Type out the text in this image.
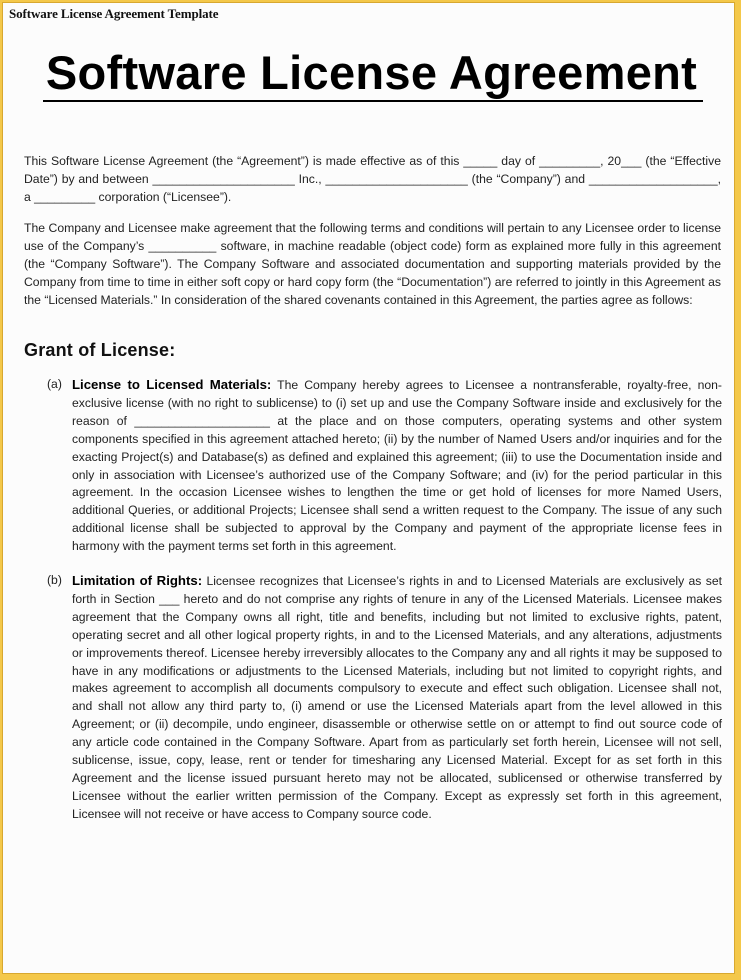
Software License Agreement Template
Software License Agreement
This Software License Agreement (the “Agreement”) is made effective as of this _____ day of _________, 20___ (the “Effective Date”) by and between _____________________ Inc., _____________________ (the “Company”) and ___________________, a _________ corporation (“Licensee”).
The Company and Licensee make agreement that the following terms and conditions will pertain to any Licensee order to license use of the Company’s __________ software, in machine readable (object code) form as explained more fully in this agreement (the “Company Software”). The Company Software and associated documentation and supporting materials provided by the Company from time to time in either soft copy or hard copy form (the “Documentation”) are referred to jointly in this Agreement as the “Licensed Materials.” In consideration of the shared covenants contained in this Agreement, the parties agree as follows:
Grant of License:
(a) License to Licensed Materials: The Company hereby agrees to Licensee a nontransferable, royalty-free, non-exclusive license (with no right to sublicense) to (i) set up and use the Company Software inside and exclusively for the reason of ____________________ at the place and on those computers, operating systems and other system components specified in this agreement attached hereto; (ii) by the number of Named Users and/or inquiries and for the exacting Project(s) and Database(s) as defined and explained this agreement; (iii) to use the Documentation inside and only in association with Licensee’s authorized use of the Company Software; and (iv) for the period particular in this agreement. In the occasion Licensee wishes to lengthen the time or get hold of licenses for more Named Users, additional Queries, or additional Projects; Licensee shall send a written request to the Company. The issue of any such additional license shall be subjected to approval by the Company and payment of the appropriate license fees in harmony with the payment terms set forth in this agreement.
(b) Limitation of Rights: Licensee recognizes that Licensee’s rights in and to Licensed Materials are exclusively as set forth in Section ___ hereto and do not comprise any rights of tenure in any of the Licensed Materials. Licensee makes agreement that the Company owns all right, title and benefits, including but not limited to exclusive rights, patent, operating secret and all other logical property rights, in and to the Licensed Materials, and any alterations, adjustments or improvements thereof. Licensee hereby irreversibly allocates to the Company any and all rights it may be supposed to have in any modifications or adjustments to the Licensed Materials, including but not limited to copyright rights, and makes agreement to accomplish all documents compulsory to execute and effect such obligation. Licensee shall not, and shall not allow any third party to, (i) amend or use the Licensed Materials apart from the level allowed in this Agreement; or (ii) decompile, undo engineer, disassemble or otherwise settle on or attempt to find out source code of any article code contained in the Company Software. Apart from as particularly set forth herein, Licensee will not sell, sublicense, issue, copy, lease, rent or tender for timesharing any Licensed Material. Except for as set forth in this Agreement and the license issued pursuant hereto may not be allocated, sublicensed or otherwise transferred by Licensee without the earlier written permission of the Company. Except as expressly set forth in this agreement, Licensee will not receive or have access to Company source code.
